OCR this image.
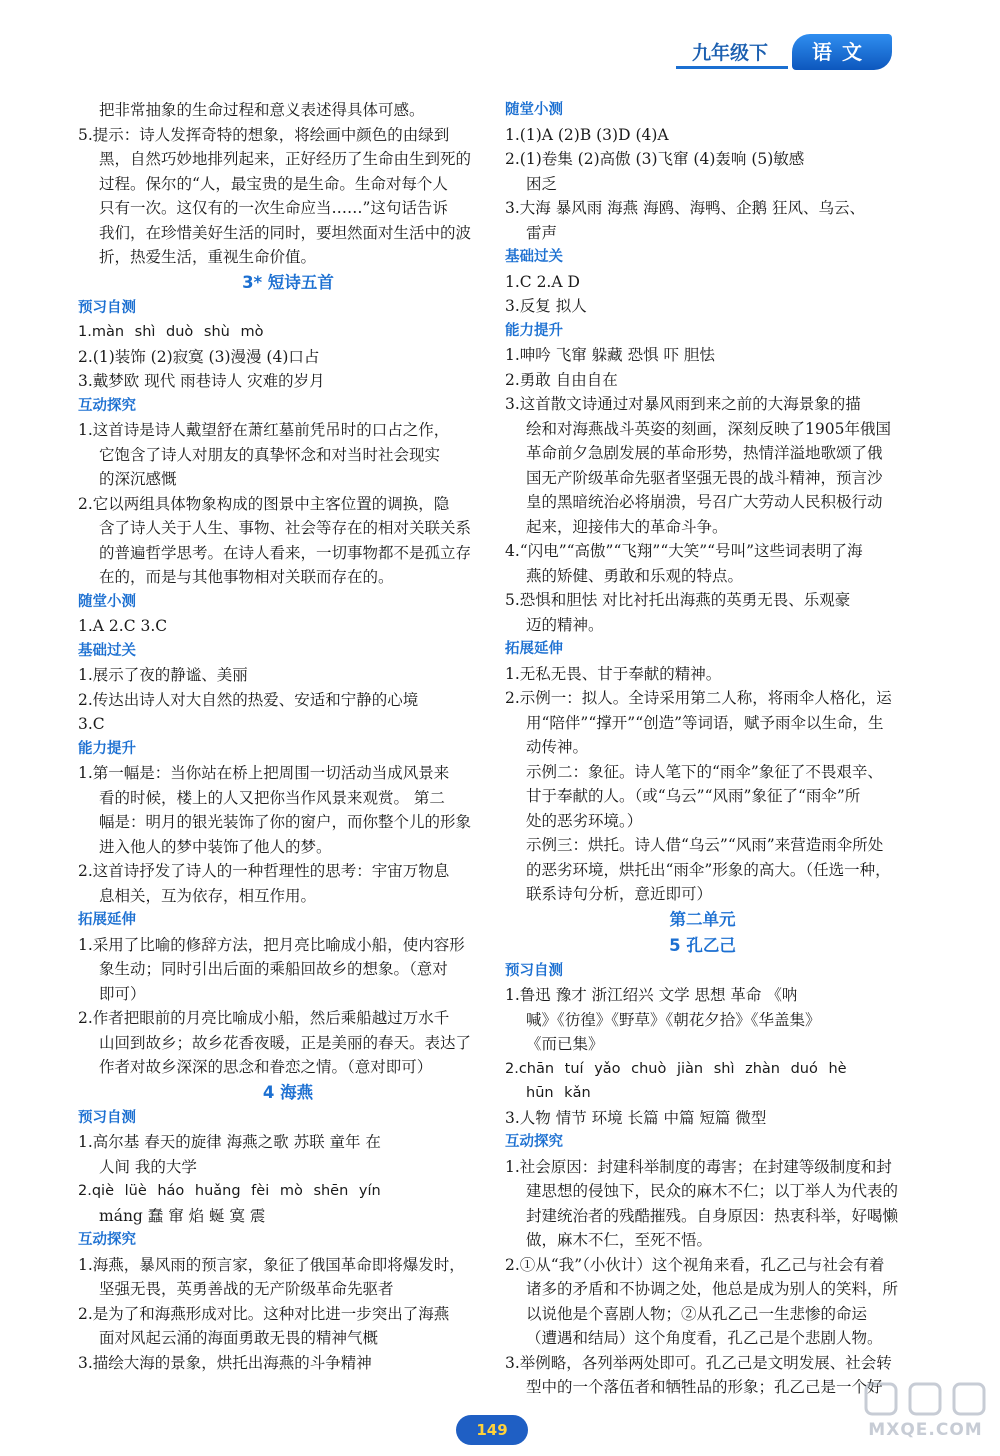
九年级下	语文
把非常抽象的生命过程和意义表述得具体可感。
5.提示：诗人发挥奇特的想象，将绘画中颜色的由绿到
黑，自然巧妙地排列起来，正好经历了生命由生到死的
过程。保尔的“人，最宝贵的是生命。生命对每个人
只有一次。这仅有的一次生命应当……”这句话告诉
我们，在珍惜美好生活的同时，要坦然面对生活中的波
折，热爱生活，重视生命价值。
3* 短诗五首
预习自测
1.màn shì duò shù mò
2.(1)装饰 (2)寂寞 (3)漫漫 (4)口占
3.戴梦欧 现代 雨巷诗人 灾难的岁月
互动探究
1.这首诗是诗人戴望舒在萧红墓前凭吊时的口占之作，
它饱含了诗人对朋友的真挚怀念和对当时社会现实
的深沉感慨
2.它以两组具体物象构成的图景中主客位置的调换，隐
含了诗人关于人生、事物、社会等存在的相对关联关系
的普遍哲学思考。在诗人看来，一切事物都不是孤立存
在的，而是与其他事物相对关联而存在的。
随堂小测
1.A 2.C 3.C
基础过关
1.展示了夜的静谧、美丽
2.传达出诗人对大自然的热爱、安适和宁静的心境
3.C
能力提升
1.第一幅是：当你站在桥上把周围一切活动当成风景来
看的时候，楼上的人又把你当作风景来观赏。 第二
幅是：明月的银光装饰了你的窗户，而你整个儿的形象
进入他人的梦中装饰了他人的梦。
2.这首诗抒发了诗人的一种哲理性的思考：宇宙万物息
息相关，互为依存，相互作用。
拓展延伸
1.采用了比喻的修辞方法，把月亮比喻成小船，使内容形
象生动；同时引出后面的乘船回故乡的想象。（意对
即可）
2.作者把眼前的月亮比喻成小船，然后乘船越过万水千
山回到故乡；故乡花香夜暖，正是美丽的春天。表达了
作者对故乡深深的思念和眷恋之情。（意对即可）
4 海燕
预习自测
1.高尔基 春天的旋律 海燕之歌 苏联 童年 在
人间 我的大学
2.qiè lüè háo huǎng fèi mò shēn yín
máng 蠢 窜 焰 蜒 寞 震
互动探究
1.海燕，暴风雨的预言家，象征了俄国革命即将爆发时，
坚强无畏，英勇善战的无产阶级革命先驱者
2.是为了和海燕形成对比。这种对比进一步突出了海燕
面对风起云涌的海面勇敢无畏的精神气概
3.描绘大海的景象，烘托出海燕的斗争精神
随堂小测
1.(1)A (2)B (3)D (4)A
2.(1)卷集 (2)高傲 (3)飞窜 (4)轰响 (5)敏感
困乏
3.大海 暴风雨 海燕 海鸥、海鸭、企鹅 狂风、乌云、
雷声
基础过关
1.C 2.A D
3.反复 拟人
能力提升
1.呻吟 飞窜 躲藏 恐惧 吓 胆怯
2.勇敢 自由自在
3.这首散文诗通过对暴风雨到来之前的大海景象的描
绘和对海燕战斗英姿的刻画，深刻反映了1905年俄国
革命前夕急剧发展的革命形势，热情洋溢地歌颂了俄
国无产阶级革命先驱者坚强无畏的战斗精神，预言沙
皇的黑暗统治必将崩溃，号召广大劳动人民积极行动
起来，迎接伟大的革命斗争。
4.“闪电”“高傲”“飞翔”“大笑”“号叫”这些词表明了海
燕的矫健、勇敢和乐观的特点。
5.恐惧和胆怯 对比衬托出海燕的英勇无畏、乐观豪
迈的精神。
拓展延伸
1.无私无畏、甘于奉献的精神。
2.示例一：拟人。全诗采用第二人称，将雨伞人格化，运
用“陪伴”“撑开”“创造”等词语，赋予雨伞以生命，生
动传神。
示例二：象征。诗人笔下的“雨伞”象征了不畏艰辛、
甘于奉献的人。（或“乌云”“风雨”象征了“雨伞”所
处的恶劣环境。）
示例三：烘托。诗人借“乌云”“风雨”来营造雨伞所处
的恶劣环境，烘托出“雨伞”形象的高大。（任选一种，
联系诗句分析，意近即可）
第二单元
5 孔乙己
预习自测
1.鲁迅 豫才 浙江绍兴 文学 思想 革命 《呐
喊》《彷徨》《野草》《朝花夕拾》《华盖集》
《而已集》
2.chān tuí yǎo chuò jiàn shì zhàn duó hè
hūn kǎn
3.人物 情节 环境 长篇 中篇 短篇 微型
互动探究
1.社会原因：封建科举制度的毒害；在封建等级制度和封
建思想的侵蚀下，民众的麻木不仁；以丁举人为代表的
封建统治者的残酷摧残。自身原因：热衷科举，好喝懒
做，麻木不仁，至死不悟。
2.①从“我”（小伙计）这个视角来看，孔乙己与社会有着
诸多的矛盾和不协调之处，他总是成为别人的笑料，所
以说他是个喜剧人物；②从孔乙己一生悲惨的命运
（遭遇和结局）这个角度看，孔乙己是个悲剧人物。
3.举例略，各列举两处即可。孔乙己是文明发展、社会转
型中的一个落伍者和牺牲品的形象；孔乙己是一个好
149	MXQE.COM
